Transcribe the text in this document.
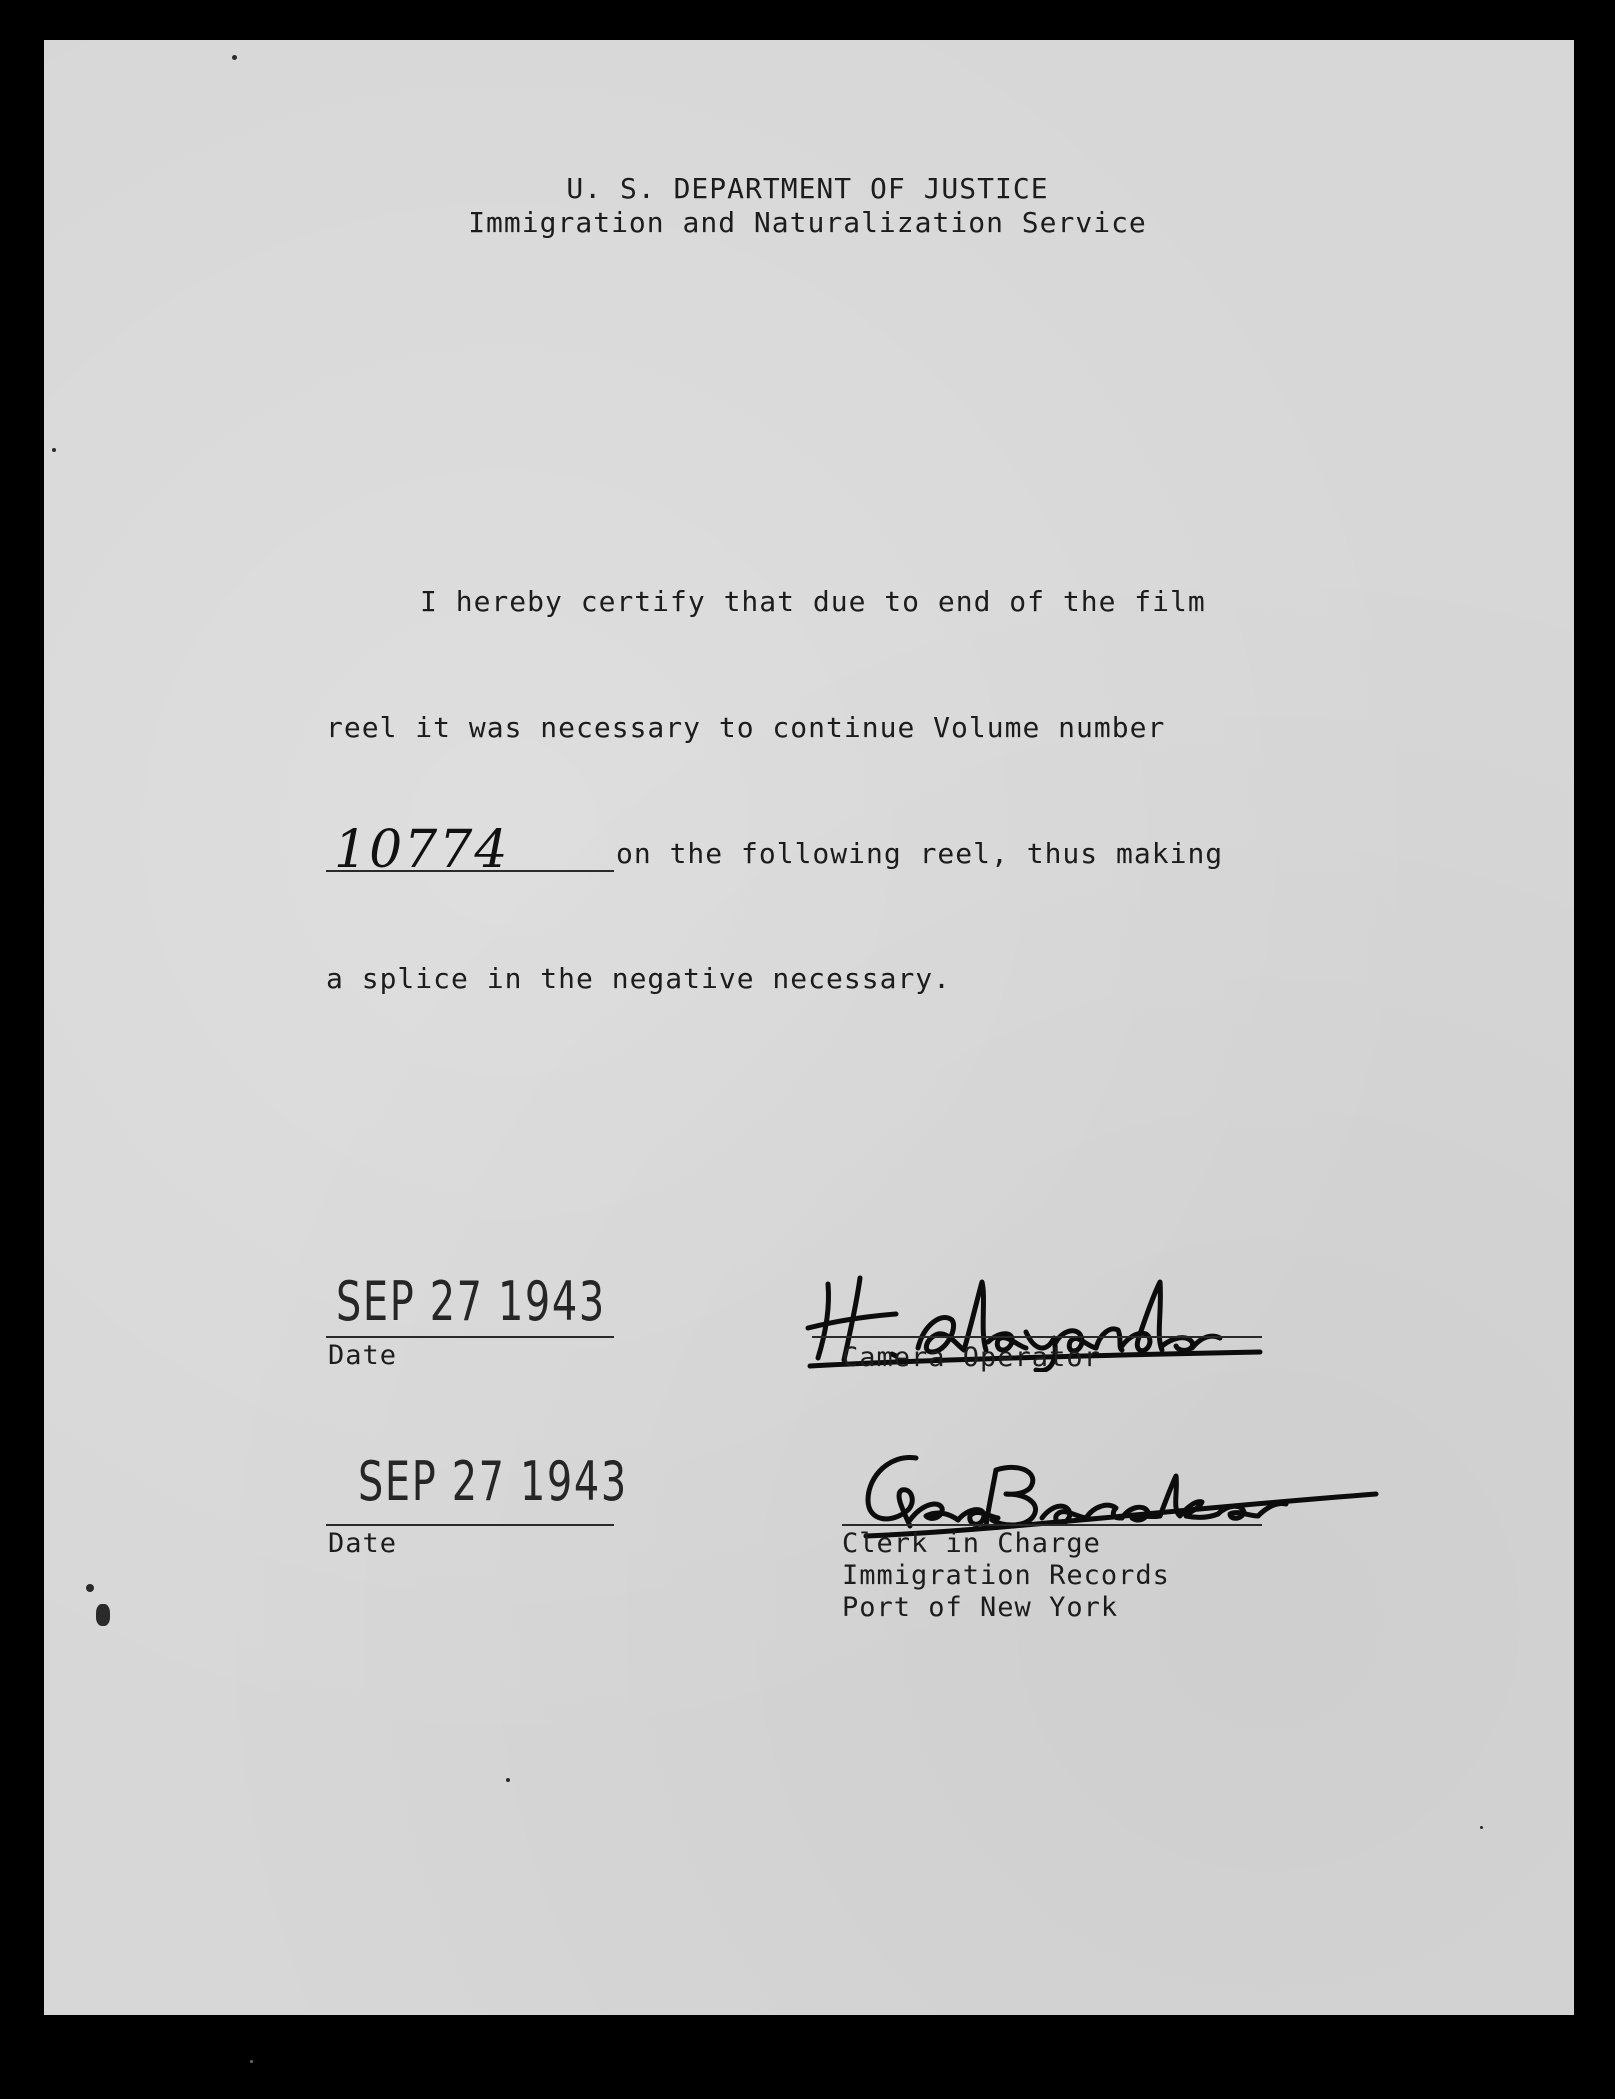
U. S. DEPARTMENT OF JUSTICE
Immigration and Naturalization Service
I hereby certify that due to end of the film
reel it was necessary to continue Volume number
10774	on the following reel, thus making
a splice in the negative necessary.
SEP 27 1943
Date	Camera Operator
SEP 27 1943
Date	Clerk in Charge
Immigration Records
Port of New York
